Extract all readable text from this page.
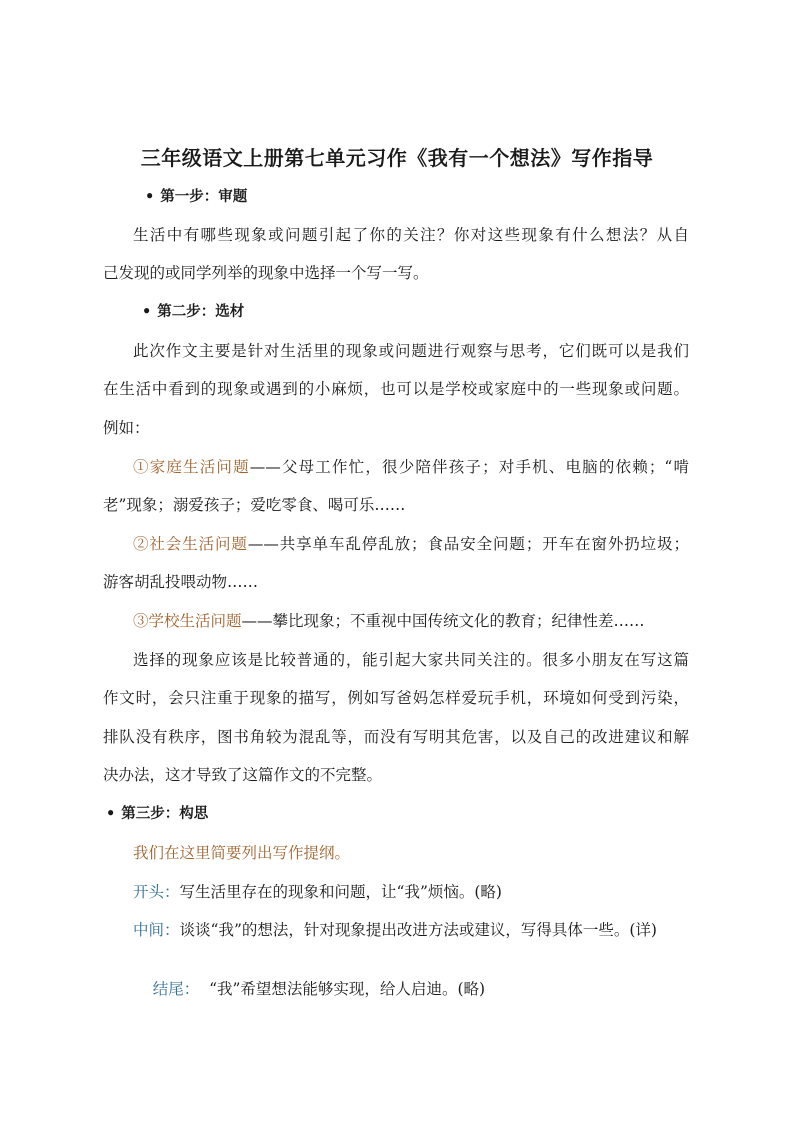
三年级语文上册第七单元习作《我有一个想法》写作指导
• 第一步：审题
生活中有哪些现象或问题引起了你的关注？你对这些现象有什么想法？从自
己发现的或同学列举的现象中选择一个写一写。
• 第二步：选材
此次作文主要是针对生活里的现象或问题进行观察与思考，它们既可以是我们
在生活中看到的现象或遇到的小麻烦，也可以是学校或家庭中的一些现象或问题。
例如：
①家庭生活问题——父母工作忙，很少陪伴孩子；对手机、电脑的依赖；“啃
老”现象；溺爱孩子；爱吃零食、喝可乐……
②社会生活问题——共享单车乱停乱放；食品安全问题；开车在窗外扔垃圾；
游客胡乱投喂动物……
③学校生活问题——攀比现象；不重视中国传统文化的教育；纪律性差……
选择的现象应该是比较普通的，能引起大家共同关注的。很多小朋友在写这篇
作文时，会只注重于现象的描写，例如写爸妈怎样爱玩手机，环境如何受到污染，
排队没有秩序，图书角较为混乱等，而没有写明其危害，以及自己的改进建议和解
决办法，这才导致了这篇作文的不完整。
• 第三步：构思
我们在这里简要列出写作提纲。
开头：写生活里存在的现象和问题，让“我”烦恼。(略)
中间：谈谈“我”的想法，针对现象提出改进方法或建议，写得具体一些。(详)

结尾：  “我”希望想法能够实现，给人启迪。(略)
